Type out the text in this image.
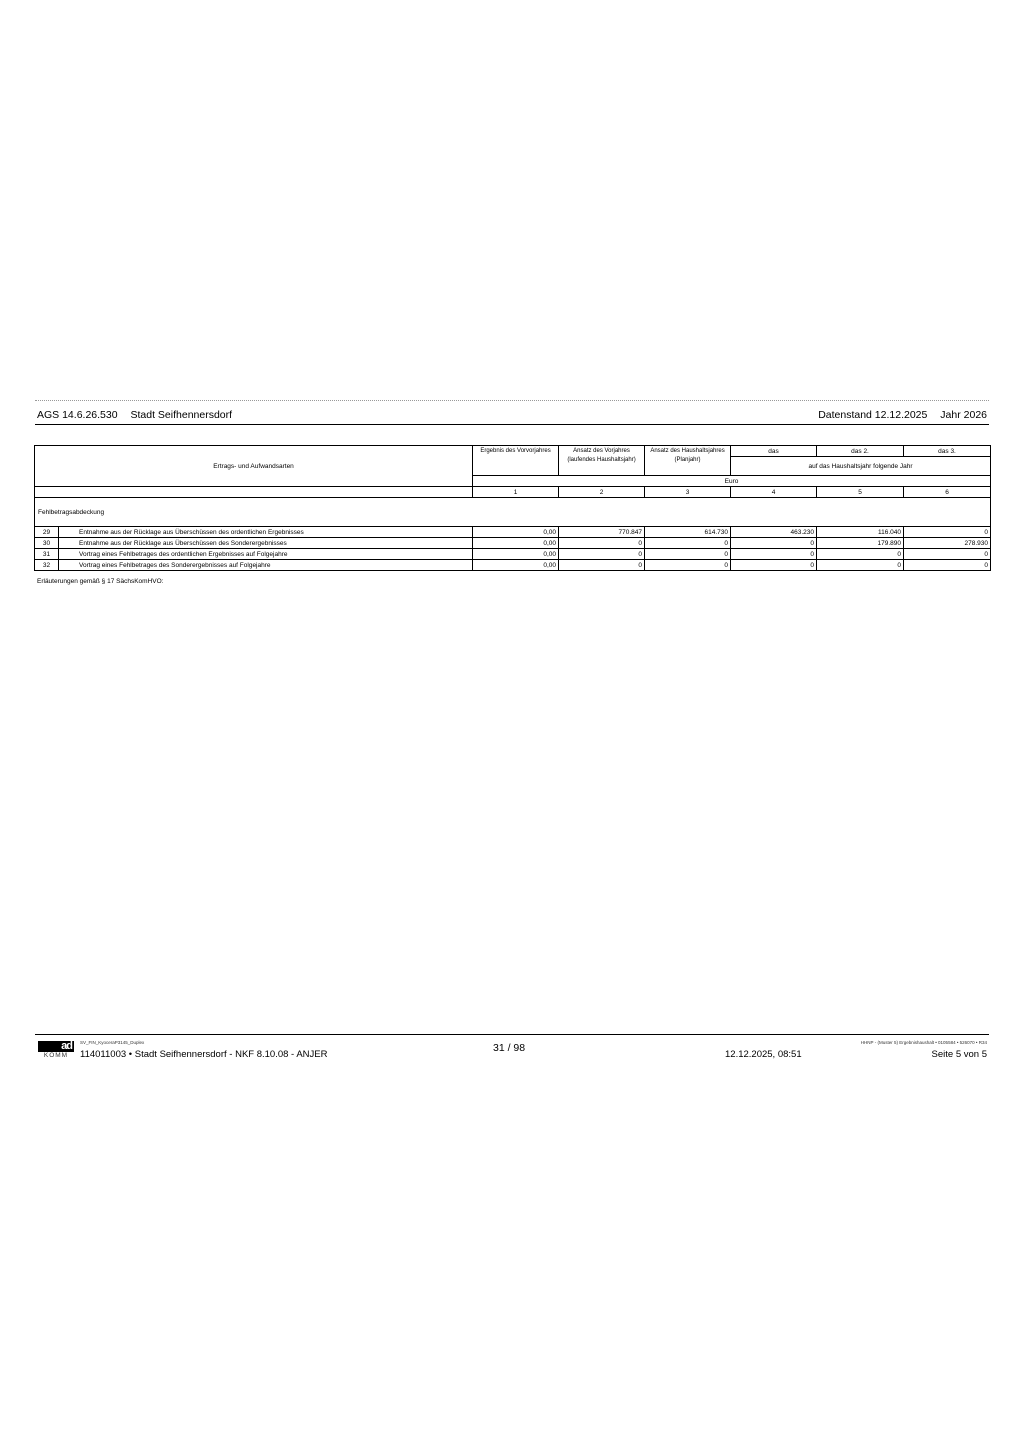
AGS 14.6.26.530 Stadt Seifhennersdorf	Datenstand 12.12.2025 Jahr 2026
Ertrags- und Aufwandsarten		Ergebnis des Vorvorjahres	Ansatz des Vorjahres (laufendes Haushaltsjahr)	Ansatz des Haushaltsjahres (Planjahr)	das	das 2.	das 3.
					auf das Haushaltsjahr folgende Jahr		
		Euro					
		1	2	3	4	5	6
Fehlbetragsabdeckung							
29	Entnahme aus der Rücklage aus Überschüssen des ordentlichen Ergebnisses	0,00	770.847	614.730	463.230	116.040	0
30	Entnahme aus der Rücklage aus Überschüssen des Sonderergebnisses	0,00	0	0	0	179.890	278.930
31	Vortrag eines Fehlbetrages des ordentlichen Ergebnisses auf Folgejahre	0,00	0	0	0	0	0
32	Vortrag eines Fehlbetrages des Sonderergebnisses auf Folgejahre	0,00	0	0	0	0	0
Erläuterungen gemäß § 17 SächsKomHVO:
ad
KOMM
SV_FIN_KyoceraP3145_Duplex
114011003 • Stadt Seifhennersdorf - NKF 8.10.08 - ANJER
31 / 98
12.12.2025, 08:51
HHNP - (Muster 5) Ergebnishaushalt • 0105584 • 526070 • R34
Seite 5 von 5
